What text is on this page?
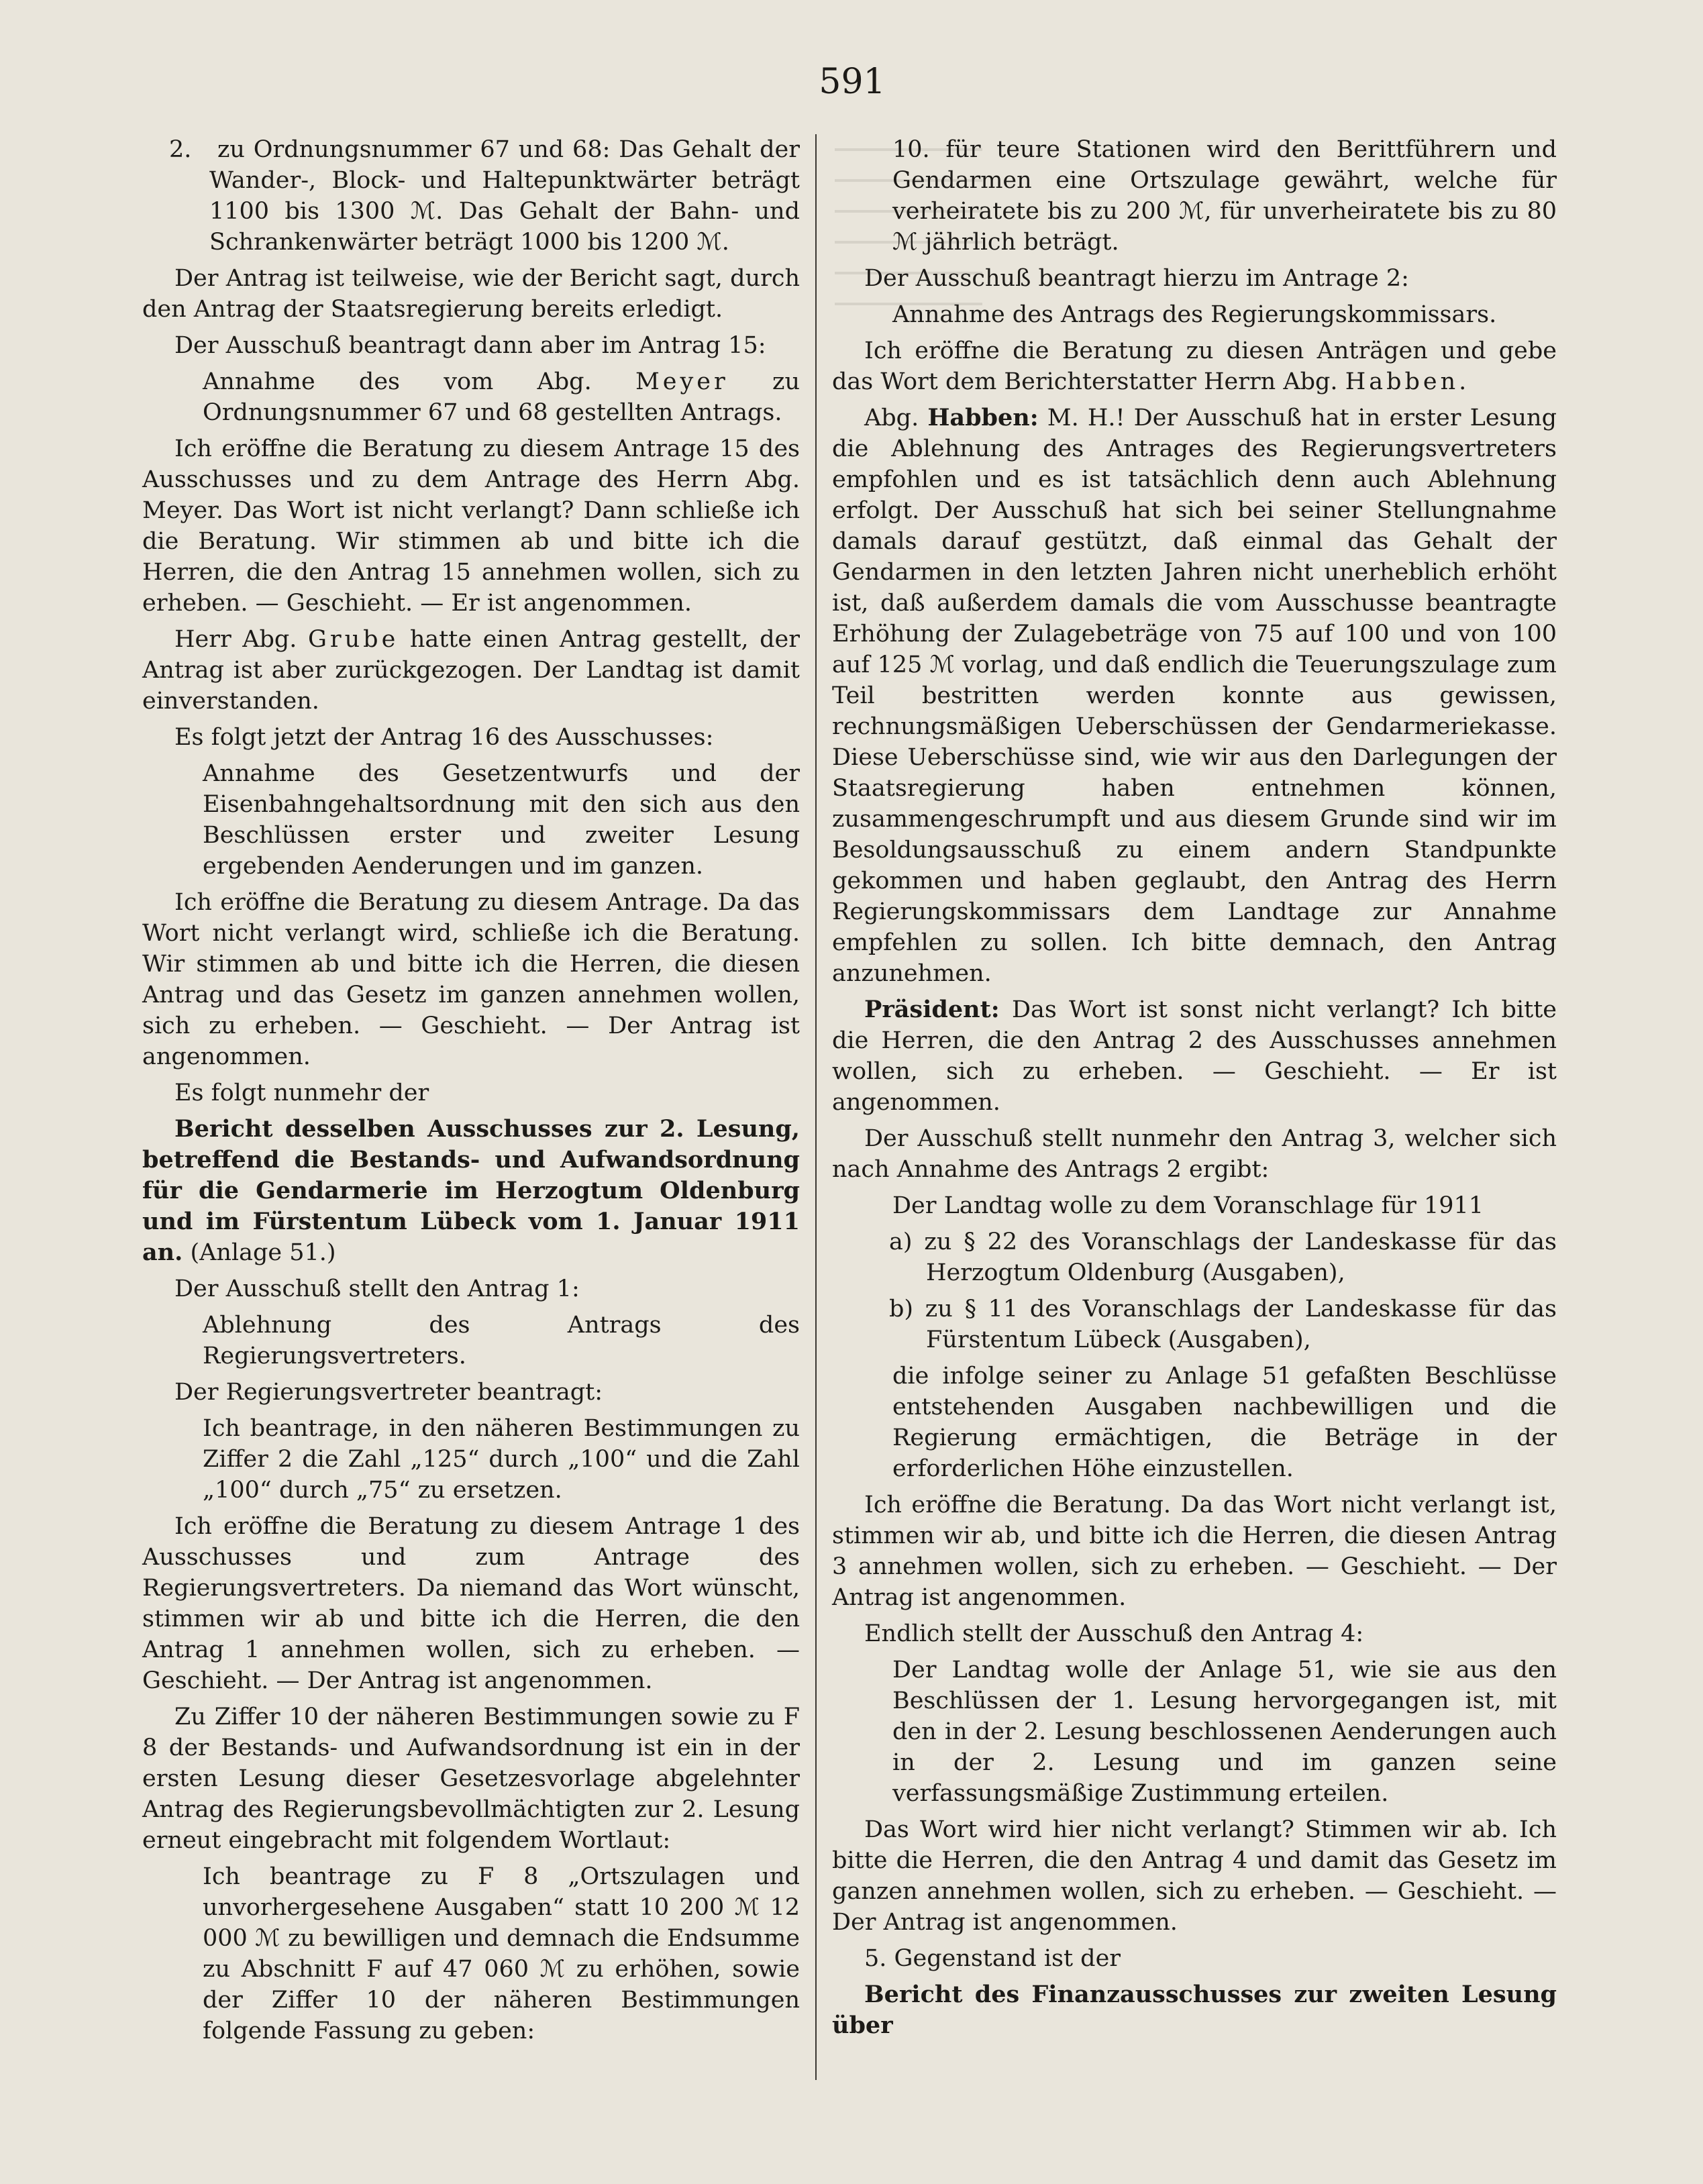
591

2. zu Ordnungsnummer 67 und 68: Das Gehalt der Wander-, Block- und Haltepunktwärter beträgt 1100 bis 1300 ℳ. Das Gehalt der Bahn- und Schrankenwärter beträgt 1000 bis 1200 ℳ.

Der Antrag ist teilweise, wie der Bericht sagt, durch den Antrag der Staatsregierung bereits erledigt.

Der Ausschuß beantragt dann aber im Antrag 15:

Annahme des vom Abg. Meyer zu Ordnungsnummer 67 und 68 gestellten Antrags.

Ich eröffne die Beratung zu diesem Antrage 15 des Ausschusses und zu dem Antrage des Herrn Abg. Meyer. Das Wort ist nicht verlangt? Dann schließe ich die Beratung. Wir stimmen ab und bitte ich die Herren, die den Antrag 15 annehmen wollen, sich zu erheben. — Geschieht. — Er ist angenommen.

Herr Abg. Grube hatte einen Antrag gestellt, der Antrag ist aber zurückgezogen. Der Landtag ist damit einverstanden.

Es folgt jetzt der Antrag 16 des Ausschusses:

Annahme des Gesetzentwurfs und der Eisenbahngehaltsordnung mit den sich aus den Beschlüssen erster und zweiter Lesung ergebenden Aenderungen und im ganzen.

Ich eröffne die Beratung zu diesem Antrage. Da das Wort nicht verlangt wird, schließe ich die Beratung. Wir stimmen ab und bitte ich die Herren, die diesen Antrag und das Gesetz im ganzen annehmen wollen, sich zu erheben. — Geschieht. — Der Antrag ist angenommen.

Es folgt nunmehr der

Bericht desselben Ausschusses zur 2. Lesung, betreffend die Bestands- und Aufwandsordnung für die Gendarmerie im Herzogtum Oldenburg und im Fürstentum Lübeck vom 1. Januar 1911 an. (Anlage 51.)

Der Ausschuß stellt den Antrag 1:

Ablehnung des Antrags des Regierungsvertreters.

Der Regierungsvertreter beantragt:

Ich beantrage, in den näheren Bestimmungen zu Ziffer 2 die Zahl „125“ durch „100“ und die Zahl „100“ durch „75“ zu ersetzen.

Ich eröffne die Beratung zu diesem Antrage 1 des Ausschusses und zum Antrage des Regierungsvertreters. Da niemand das Wort wünscht, stimmen wir ab und bitte ich die Herren, die den Antrag 1 annehmen wollen, sich zu erheben. — Geschieht. — Der Antrag ist angenommen.

Zu Ziffer 10 der näheren Bestimmungen sowie zu F 8 der Bestands- und Aufwandsordnung ist ein in der ersten Lesung dieser Gesetzesvorlage abgelehnter Antrag des Regierungsbevollmächtigten zur 2. Lesung erneut eingebracht mit folgendem Wortlaut:

Ich beantrage zu F 8 „Ortszulagen und unvorhergesehene Ausgaben“ statt 10 200 ℳ 12 000 ℳ zu bewilligen und demnach die Endsumme zu Abschnitt F auf 47 060 ℳ zu erhöhen, sowie der Ziffer 10 der näheren Bestimmungen folgende Fassung zu geben:

10. für teure Stationen wird den Berittführern und Gendarmen eine Ortszulage gewährt, welche für verheiratete bis zu 200 ℳ, für unverheiratete bis zu 80 ℳ jährlich beträgt.

Der Ausschuß beantragt hierzu im Antrage 2:

Annahme des Antrags des Regierungskommissars.

Ich eröffne die Beratung zu diesen Anträgen und gebe das Wort dem Berichterstatter Herrn Abg. Habben.

Abg. Habben: M. H.! Der Ausschuß hat in erster Lesung die Ablehnung des Antrages des Regierungsvertreters empfohlen und es ist tatsächlich denn auch Ablehnung erfolgt. Der Ausschuß hat sich bei seiner Stellungnahme damals darauf gestützt, daß einmal das Gehalt der Gendarmen in den letzten Jahren nicht unerheblich erhöht ist, daß außerdem damals die vom Ausschusse beantragte Erhöhung der Zulagebeträge von 75 auf 100 und von 100 auf 125 ℳ vorlag, und daß endlich die Teuerungszulage zum Teil bestritten werden konnte aus gewissen, rechnungsmäßigen Ueberschüssen der Gendarmeriekasse. Diese Ueberschüsse sind, wie wir aus den Darlegungen der Staatsregierung haben entnehmen können, zusammengeschrumpft und aus diesem Grunde sind wir im Besoldungsausschuß zu einem andern Standpunkte gekommen und haben geglaubt, den Antrag des Herrn Regierungskommissars dem Landtage zur Annahme empfehlen zu sollen. Ich bitte demnach, den Antrag anzunehmen.

Präsident: Das Wort ist sonst nicht verlangt? Ich bitte die Herren, die den Antrag 2 des Ausschusses annehmen wollen, sich zu erheben. — Geschieht. — Er ist angenommen.

Der Ausschuß stellt nunmehr den Antrag 3, welcher sich nach Annahme des Antrags 2 ergibt:

Der Landtag wolle zu dem Voranschlage für 1911

a) zu § 22 des Voranschlags der Landeskasse für das Herzogtum Oldenburg (Ausgaben),

b) zu § 11 des Voranschlags der Landeskasse für das Fürstentum Lübeck (Ausgaben),

die infolge seiner zu Anlage 51 gefaßten Beschlüsse entstehenden Ausgaben nachbewilligen und die Regierung ermächtigen, die Beträge in der erforderlichen Höhe einzustellen.

Ich eröffne die Beratung. Da das Wort nicht verlangt ist, stimmen wir ab, und bitte ich die Herren, die diesen Antrag 3 annehmen wollen, sich zu erheben. — Geschieht. — Der Antrag ist angenommen.

Endlich stellt der Ausschuß den Antrag 4:

Der Landtag wolle der Anlage 51, wie sie aus den Beschlüssen der 1. Lesung hervorgegangen ist, mit den in der 2. Lesung beschlossenen Aenderungen auch in der 2. Lesung und im ganzen seine verfassungsmäßige Zustimmung erteilen.

Das Wort wird hier nicht verlangt? Stimmen wir ab. Ich bitte die Herren, die den Antrag 4 und damit das Gesetz im ganzen annehmen wollen, sich zu erheben. — Geschieht. — Der Antrag ist angenommen.

5. Gegenstand ist der

Bericht des Finanzausschusses zur zweiten Lesung über
